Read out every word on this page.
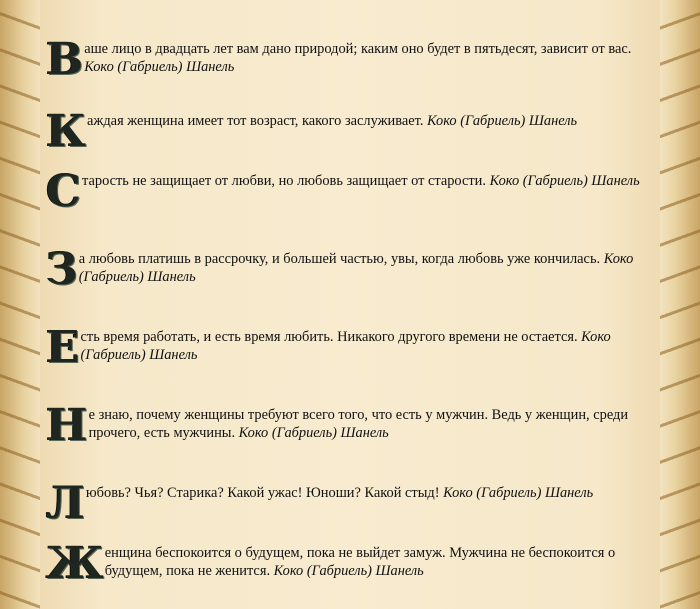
Ваше лицо в двадцать лет вам дано природой; каким оно будет в пятьдесят, зависит от вас. Коко (Габриель) Шанель
Каждая женщина имеет тот возраст, какого заслуживает. Коко (Габриель) Шанель
Старость не защищает от любви, но любовь защищает от старости. Коко (Габриель) Шанель
За любовь платишь в рассрочку, и большей частью, увы, когда любовь уже кончилась. Коко (Габриель) Шанель
Есть время работать, и есть время любить. Никакого другого времени не остается. Коко (Габриель) Шанель
Не знаю, почему женщины требуют всего того, что есть у мужчин. Ведь у женщин, среди прочего, есть мужчины. Коко (Габриель) Шанель
Любовь? Чья? Старика? Какой ужас! Юноши? Какой стыд! Коко (Габриель) Шанель
Женщина беспокоится о будущем, пока не выйдет замуж. Мужчина не беспокоится о будущем, пока не женится. Коко (Габриель) Шанель
